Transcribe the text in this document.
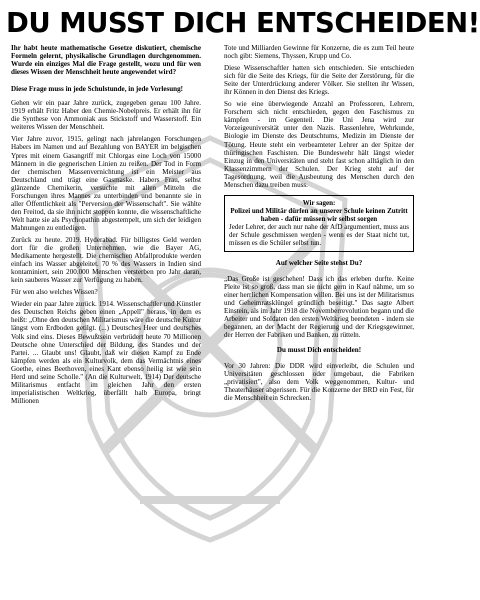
DU MUSST DICH ENTSCHEIDEN!

Ihr habt heute mathematische Gesetze diskutiert, chemische Formeln gelernt, physikalische Grundlagen durchgenommen. Wurde ein einziges Mal die Frage gestellt, wozu und für wen dieses Wissen der Menschheit heute angewendet wird?

Diese Frage muss in jede Schulstunde, in jede Vorlesung!

Gehen wir ein paar Jahre zurück, zugegeben genau 100 Jahre. 1919 erhält Fritz Haber den Chemie-Nobelpreis. Er erhält ihn für die Synthese von Ammoniak aus Stickstoff und Wasserstoff. Ein weiteres Wissen der Menschheit.

Vier Jahre zuvor, 1915, gelingt nach jahrelangen Forschungen Habers im Namen und auf Bezahlung von BAYER im belgischen Ypres mit einem Gasangriff mit Chlorgas eine Loch von 15000 Männern in die gegnerischen Linien zu reißen. Der Tod in Form der chemischen Massenvernichtung ist ein Meister aus Deutschland und trägt eine Gasmaske. Habers Frau, selbst glänzende Chemikerin, versuchte mit allen Mitteln die Forschungen ihres Mannes zu unterbinden und benannte sie in aller Öffentlichkeit als "Perversion der Wissenschaft". Sie wählte den Freitod, da sie ihn nicht stoppen konnte, die wissenschaftliche Welt hatte sie als Psychopathin abgestempelt, um sich der leidigen Mahnungen zu entledigen.

Zurück zu heute. 2019. Hyderabad. Für billigstes Geld werden dort für die großen Unternehmen, wie die Bayer AG, Medikamente hergestellt. Die chemischen Abfallprodukte werden einfach ins Wasser abgeleitet. 70 % des Wassers in Indien sind kontaminiert, sein 200.000 Menschen versterben pro Jahr daran, kein sauberes Wasser zur Verfügung zu haben.

Für wen also welches Wissen?

Wieder ein paar Jahre zurück. 1914. Wissenschaftler und Künstler des Deutschen Reichs geben einen „Appell" heraus, in dem es heißt: „Ohne den deutschen Militarismus wäre die deutsche Kultur längst vom Erdboden getilgt. (...) Deutsches Heer und deutsches Volk sind eins. Dieses Bewußtsein verbrüdert heute 70 Millionen Deutsche ohne Unterschied der Bildung, des Standes und der Partei. ... Glaubt uns! Glaubt, daß wir diesen Kampf zu Ende kämpfen werden als ein Kulturvolk, dem das Vermächtnis eines Goethe, eines Beethoven, eines Kant ebenso heilig ist wie sein Herd und seine Scholle." (An die Kulturwelt, 1914) Der deutsche Militarismus entfacht im gleichen Jahr den ersten imperialistischen Weltkrieg, überfällt halb Europa, bringt Millionen

Tote und Milliarden Gewinne für Konzerne, die es zum Teil heute noch gibt: Siemens, Thyssen, Krupp und Co.

Diese Wissenschaftler hatten sich entschieden. Sie entschieden sich für die Seite des Kriegs, für die Seite der Zerstörung, für die Seite der Unterdrückung anderer Völker. Sie stellten ihr Wissen, ihr Können in den Dienst des Kriegs.

So wie eine überwiegende Anzahl an Professoren, Lehrern, Forschern sich nicht entschieden, gegen den Faschismus zu kämpfen - im Gegenteil. Die Uni Jena wird zur Vorzeigeuniversität unter den Nazis. Rassenlehre, Wehrkunde, Biologie im Dienste des Deutschtums, Medizin im Dienste der Tötung. Heute steht ein verbeamteter Lehrer an der Spitze der thüringischen Faschisten. Die Bundeswehr hält längst wieder Einzug in den Universitäten und steht fast schon alltäglich in den Klassenzimmern der Schulen. Der Krieg steht auf der Tagesordnung, weil die Ausbeutung des Menschen durch den Menschen dazu treiben muss.

Wir sagen:
Polizei und Militär dürfen an unserer Schule keinen Zutritt haben - dafür müssen wir selbst sorgen

Jeder Lehrer, der auch nur nahe der AfD argumentiert, muss aus der Schule geschmissen werden - wenn es der Staat nicht tut, müssen es die Schüler selbst tun.

Auf welcher Seite stehst Du?

„Das Große ist geschehen! Dass ich das erleben durfte. Keine Pleite ist so groß, dass man sie nicht gern in Kauf nähme, um so einer herrlichen Kompensation willen. Bei uns ist der Militarismus und Geheimratsklüngel gründlich beseitigt." Das sagte Albert Einstein, als im Jahr 1918 die Novemberrevolution begann und die Arbeiter und Soldaten den ersten Weltkrieg beendeten - indem sie begannen, an der Macht der Regierung und der Kriegsgewinner, der Herren der Fabriken und Banken, zu rütteln.

Du musst Dich entscheiden!

Vor 30 Jahren: Die DDR wird einverleibt, die Schulen und Universitäten geschlossen oder umgebaut, die Fabriken „privatisiert", also dem Volk weggenommen, Kultur- und Theaterhäuser abgerissen. Für die Konzerne der BRD ein Fest, für die Menschheit ein Schrecken.
